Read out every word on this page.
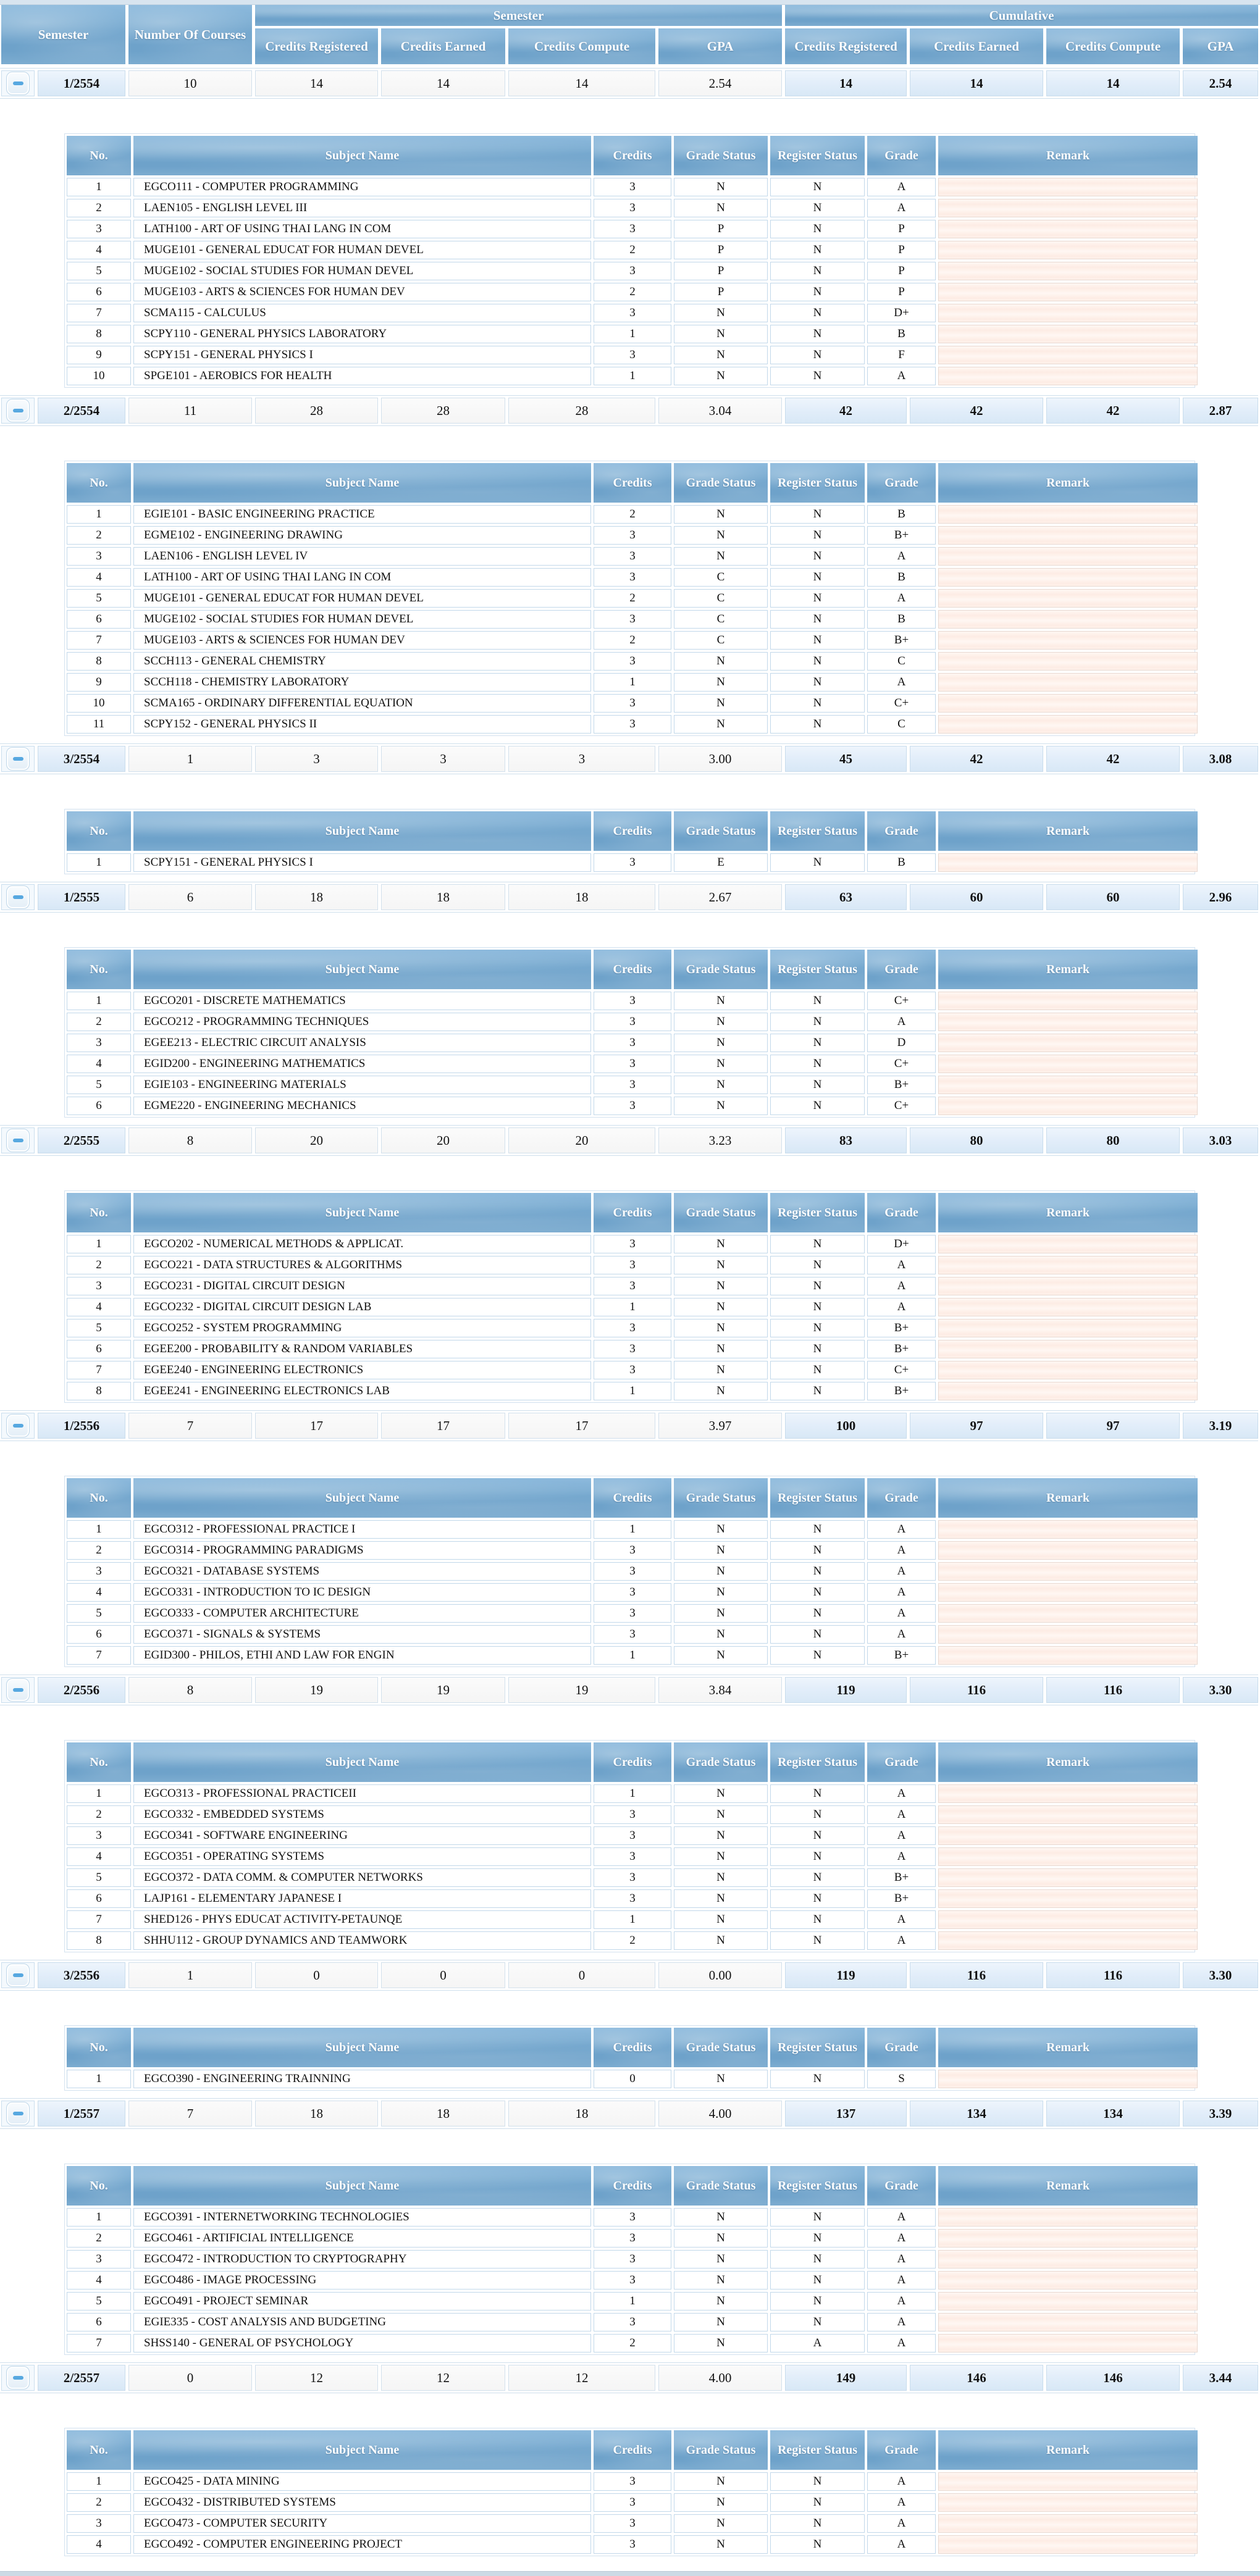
Semester	Number Of Courses
Semester	Cumulative
Credits Registered	Credits Earned	Credits Compute	GPA	Credits Registered	Credits Earned	Credits Compute	GPA
1/2554	10	14	14	14	2.54	14	14	14	2.54
No.	Subject Name	Credits	Grade Status	Register Status	Grade	Remark
1	EGCO111 - COMPUTER PROGRAMMING	3	N	N	A
2	LAEN105 - ENGLISH LEVEL III	3	N	N	A
3	LATH100 - ART OF USING THAI LANG IN COM	3	P	N	P
4	MUGE101 - GENERAL EDUCAT FOR HUMAN DEVEL	2	P	N	P
5	MUGE102 - SOCIAL STUDIES FOR HUMAN DEVEL	3	P	N	P
6	MUGE103 - ARTS & SCIENCES FOR HUMAN DEV	2	P	N	P
7	SCMA115 - CALCULUS	3	N	N	D+
8	SCPY110 - GENERAL PHYSICS LABORATORY	1	N	N	B
9	SCPY151 - GENERAL PHYSICS I	3	N	N	F
10	SPGE101 - AEROBICS FOR HEALTH	1	N	N	A
2/2554	11	28	28	28	3.04	42	42	42	2.87
No.	Subject Name	Credits	Grade Status	Register Status	Grade	Remark
1	EGIE101 - BASIC ENGINEERING PRACTICE	2	N	N	B
2	EGME102 - ENGINEERING DRAWING	3	N	N	B+
3	LAEN106 - ENGLISH LEVEL IV	3	N	N	A
4	LATH100 - ART OF USING THAI LANG IN COM	3	C	N	B
5	MUGE101 - GENERAL EDUCAT FOR HUMAN DEVEL	2	C	N	A
6	MUGE102 - SOCIAL STUDIES FOR HUMAN DEVEL	3	C	N	B
7	MUGE103 - ARTS & SCIENCES FOR HUMAN DEV	2	C	N	B+
8	SCCH113 - GENERAL CHEMISTRY	3	N	N	C
9	SCCH118 - CHEMISTRY LABORATORY	1	N	N	A
10	SCMA165 - ORDINARY DIFFERENTIAL EQUATION	3	N	N	C+
11	SCPY152 - GENERAL PHYSICS II	3	N	N	C
3/2554	1	3	3	3	3.00	45	42	42	3.08
No.	Subject Name	Credits	Grade Status	Register Status	Grade	Remark
1	SCPY151 - GENERAL PHYSICS I	3	E	N	B
1/2555	6	18	18	18	2.67	63	60	60	2.96
No.	Subject Name	Credits	Grade Status	Register Status	Grade	Remark
1	EGCO201 - DISCRETE MATHEMATICS	3	N	N	C+
2	EGCO212 - PROGRAMMING TECHNIQUES	3	N	N	A
3	EGEE213 - ELECTRIC CIRCUIT ANALYSIS	3	N	N	D
4	EGID200 - ENGINEERING MATHEMATICS	3	N	N	C+
5	EGIE103 - ENGINEERING MATERIALS	3	N	N	B+
6	EGME220 - ENGINEERING MECHANICS	3	N	N	C+
2/2555	8	20	20	20	3.23	83	80	80	3.03
No.	Subject Name	Credits	Grade Status	Register Status	Grade	Remark
1	EGCO202 - NUMERICAL METHODS & APPLICAT.	3	N	N	D+
2	EGCO221 - DATA STRUCTURES & ALGORITHMS	3	N	N	A
3	EGCO231 - DIGITAL CIRCUIT DESIGN	3	N	N	A
4	EGCO232 - DIGITAL CIRCUIT DESIGN LAB	1	N	N	A
5	EGCO252 - SYSTEM PROGRAMMING	3	N	N	B+
6	EGEE200 - PROBABILITY & RANDOM VARIABLES	3	N	N	B+
7	EGEE240 - ENGINEERING ELECTRONICS	3	N	N	C+
8	EGEE241 - ENGINEERING ELECTRONICS LAB	1	N	N	B+
1/2556	7	17	17	17	3.97	100	97	97	3.19
No.	Subject Name	Credits	Grade Status	Register Status	Grade	Remark
1	EGCO312 - PROFESSIONAL PRACTICE I	1	N	N	A
2	EGCO314 - PROGRAMMING PARADIGMS	3	N	N	A
3	EGCO321 - DATABASE SYSTEMS	3	N	N	A
4	EGCO331 - INTRODUCTION TO IC DESIGN	3	N	N	A
5	EGCO333 - COMPUTER ARCHITECTURE	3	N	N	A
6	EGCO371 - SIGNALS & SYSTEMS	3	N	N	A
7	EGID300 - PHILOS, ETHI AND LAW FOR ENGIN	1	N	N	B+
2/2556	8	19	19	19	3.84	119	116	116	3.30
No.	Subject Name	Credits	Grade Status	Register Status	Grade	Remark
1	EGCO313 - PROFESSIONAL PRACTICEII	1	N	N	A
2	EGCO332 - EMBEDDED SYSTEMS	3	N	N	A
3	EGCO341 - SOFTWARE ENGINEERING	3	N	N	A
4	EGCO351 - OPERATING SYSTEMS	3	N	N	A
5	EGCO372 - DATA COMM. & COMPUTER NETWORKS	3	N	N	B+
6	LAJP161 - ELEMENTARY JAPANESE I	3	N	N	B+
7	SHED126 - PHYS EDUCAT ACTIVITY-PETAUNQE	1	N	N	A
8	SHHU112 - GROUP DYNAMICS AND TEAMWORK	2	N	N	A
3/2556	1	0	0	0	0.00	119	116	116	3.30
No.	Subject Name	Credits	Grade Status	Register Status	Grade	Remark
1	EGCO390 - ENGINEERING TRAINNING	0	N	N	S
1/2557	7	18	18	18	4.00	137	134	134	3.39
No.	Subject Name	Credits	Grade Status	Register Status	Grade	Remark
1	EGCO391 - INTERNETWORKING TECHNOLOGIES	3	N	N	A
2	EGCO461 - ARTIFICIAL INTELLIGENCE	3	N	N	A
3	EGCO472 - INTRODUCTION TO CRYPTOGRAPHY	3	N	N	A
4	EGCO486 - IMAGE PROCESSING	3	N	N	A
5	EGCO491 - PROJECT SEMINAR	1	N	N	A
6	EGIE335 - COST ANALYSIS AND BUDGETING	3	N	N	A
7	SHSS140 - GENERAL OF PSYCHOLOGY	2	N	A	A
2/2557	0	12	12	12	4.00	149	146	146	3.44
No.	Subject Name	Credits	Grade Status	Register Status	Grade	Remark
1	EGCO425 - DATA MINING	3	N	N	A
2	EGCO432 - DISTRIBUTED SYSTEMS	3	N	N	A
3	EGCO473 - COMPUTER SECURITY	3	N	N	A
4	EGCO492 - COMPUTER ENGINEERING PROJECT	3	N	N	A
